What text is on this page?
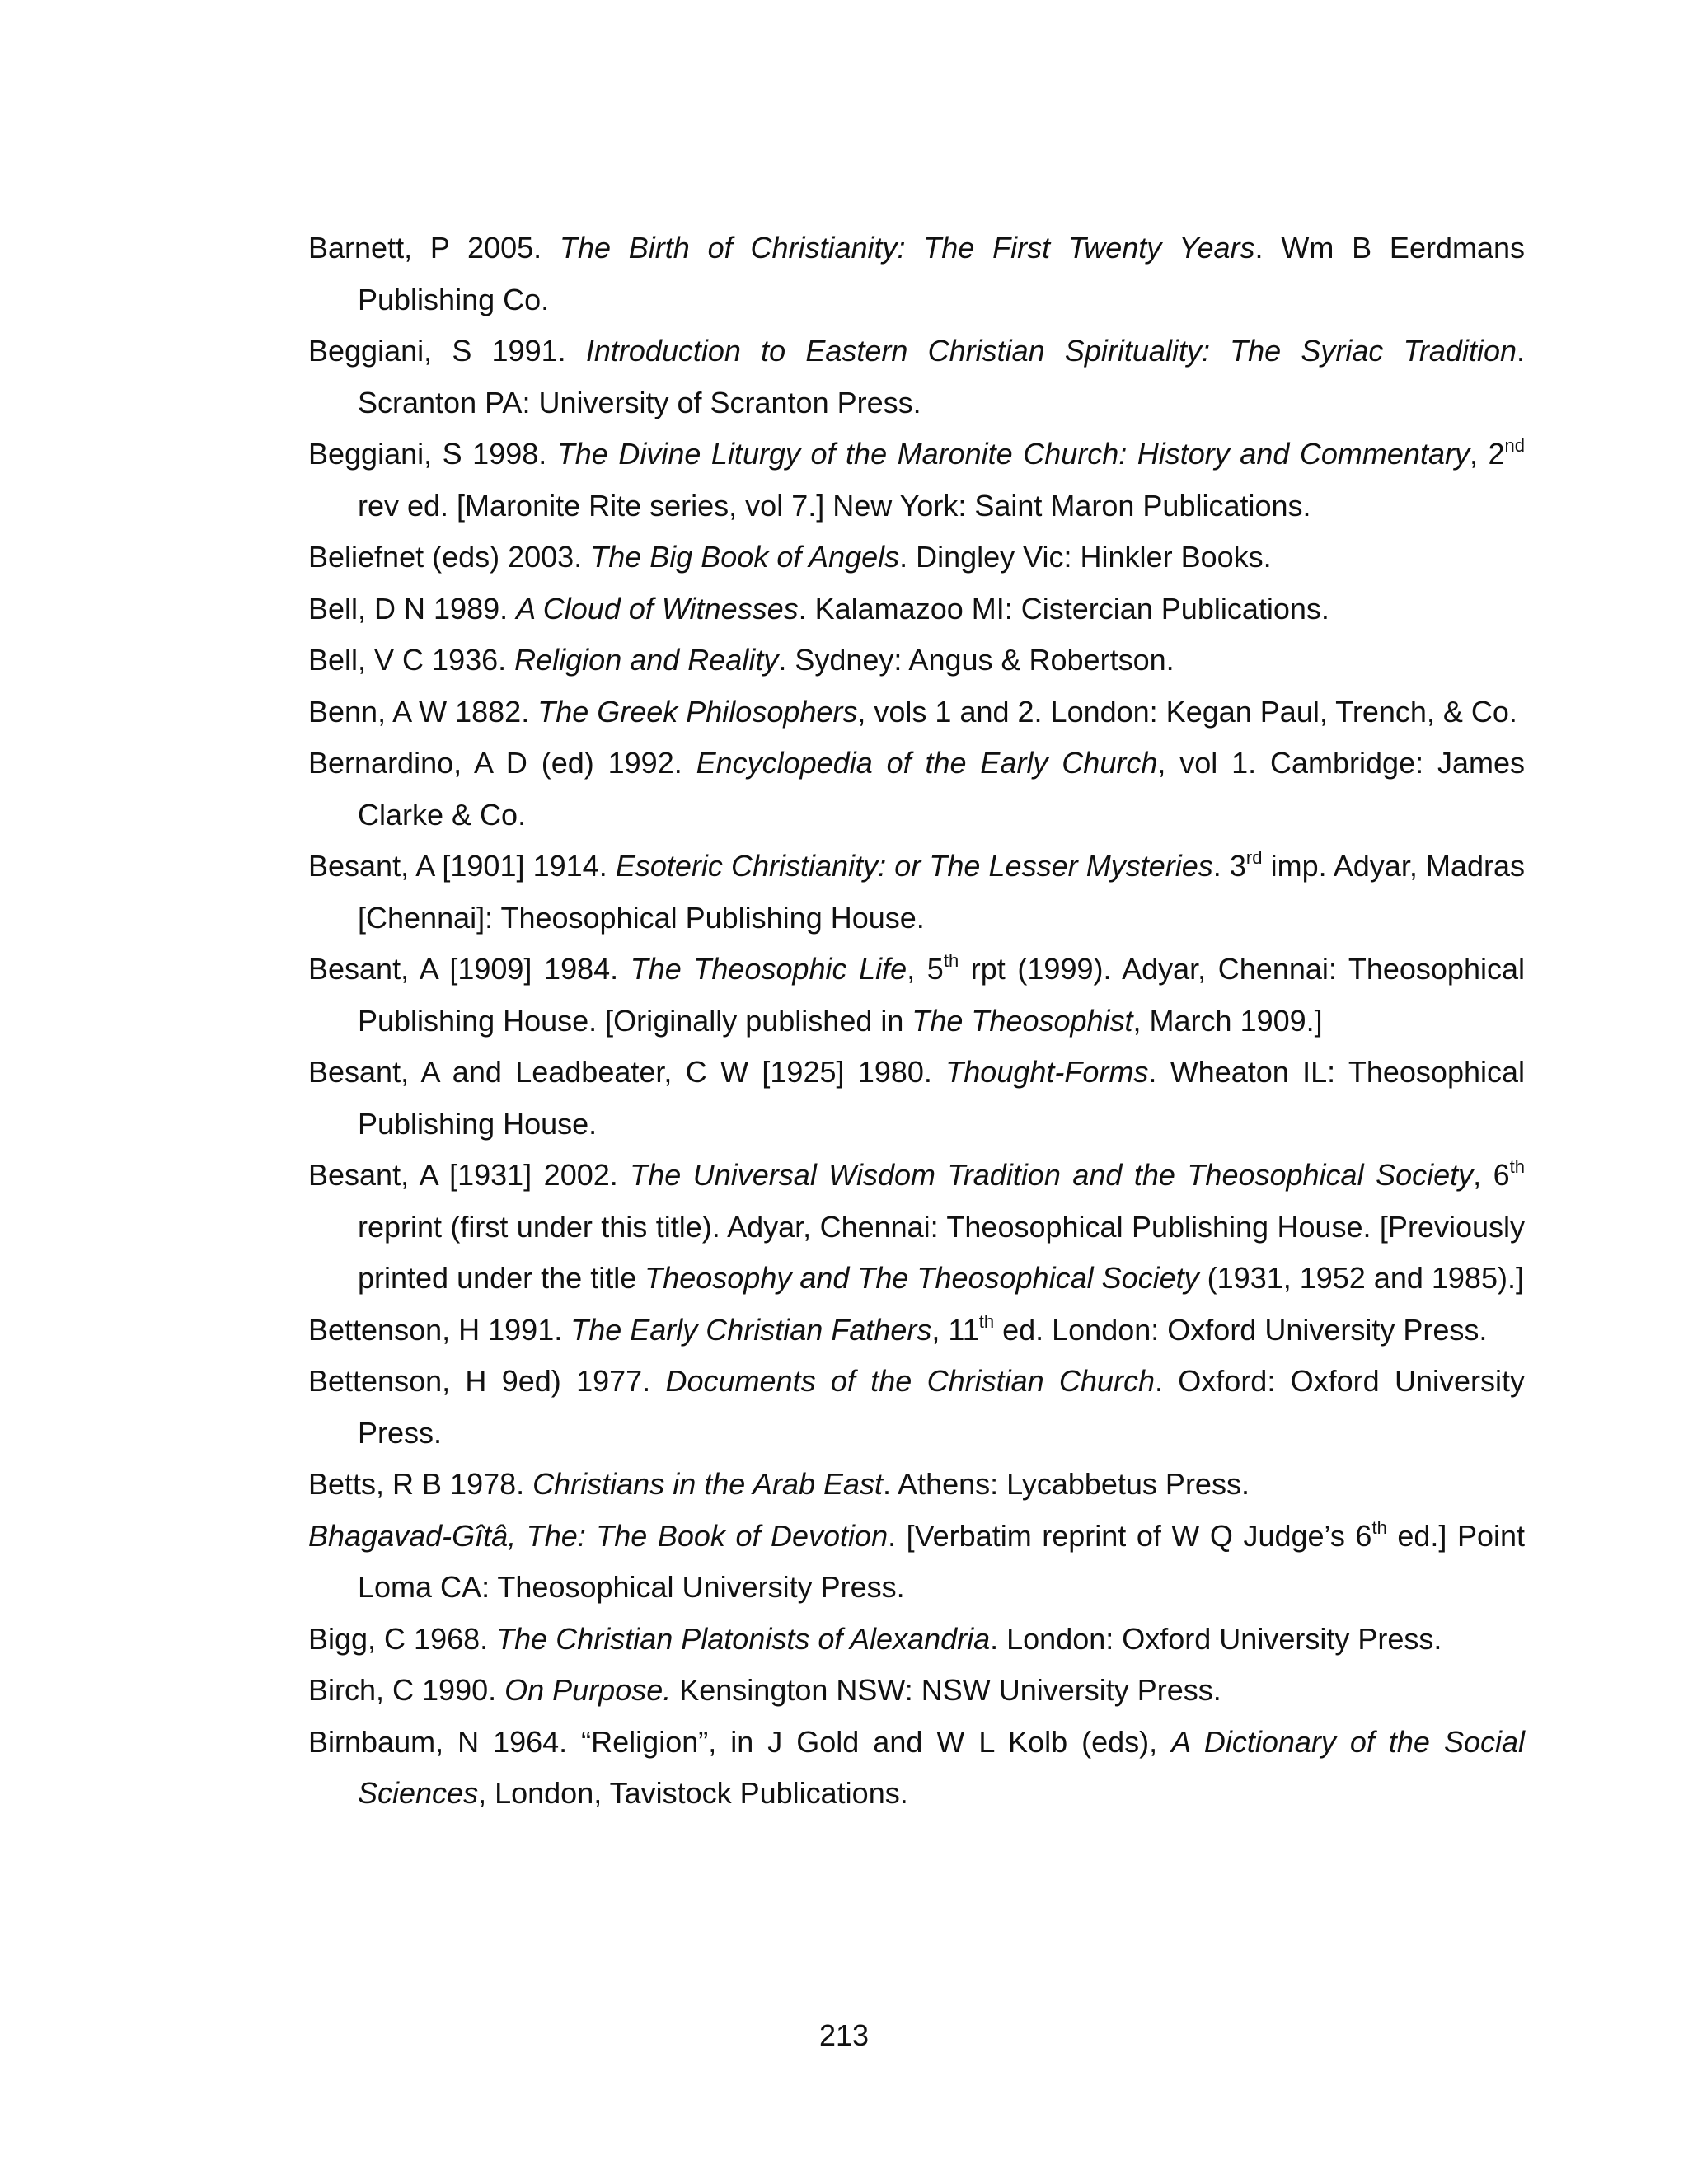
Barnett, P 2005. The Birth of Christianity: The First Twenty Years. Wm B Eerdmans Publishing Co.
Beggiani, S 1991. Introduction to Eastern Christian Spirituality: The Syriac Tradition. Scranton PA: University of Scranton Press.
Beggiani, S 1998. The Divine Liturgy of the Maronite Church: History and Commentary, 2nd rev ed. [Maronite Rite series, vol 7.] New York: Saint Maron Publications.
Beliefnet (eds) 2003. The Big Book of Angels. Dingley Vic: Hinkler Books.
Bell, D N 1989. A Cloud of Witnesses. Kalamazoo MI: Cistercian Publications.
Bell, V C 1936. Religion and Reality. Sydney: Angus & Robertson.
Benn, A W 1882. The Greek Philosophers, vols 1 and 2. London: Kegan Paul, Trench, & Co.
Bernardino, A D (ed) 1992. Encyclopedia of the Early Church, vol 1. Cambridge: James Clarke & Co.
Besant, A [1901] 1914. Esoteric Christianity: or The Lesser Mysteries. 3rd imp. Adyar, Madras [Chennai]: Theosophical Publishing House.
Besant, A [1909] 1984. The Theosophic Life, 5th rpt (1999). Adyar, Chennai: Theosophical Publishing House. [Originally published in The Theosophist, March 1909.]
Besant, A and Leadbeater, C W [1925] 1980. Thought-Forms. Wheaton IL: Theosophical Publishing House.
Besant, A [1931] 2002. The Universal Wisdom Tradition and the Theosophical Society, 6th reprint (first under this title). Adyar, Chennai: Theosophical Publishing House. [Previously printed under the title Theosophy and The Theosophical Society (1931, 1952 and 1985).]
Bettenson, H 1991. The Early Christian Fathers, 11th ed. London: Oxford University Press.
Bettenson, H 9ed) 1977. Documents of the Christian Church. Oxford: Oxford University Press.
Betts, R B 1978. Christians in the Arab East. Athens: Lycabbetus Press.
Bhagavad-Gîtâ, The: The Book of Devotion. [Verbatim reprint of W Q Judge’s 6th ed.] Point Loma CA: Theosophical University Press.
Bigg, C 1968. The Christian Platonists of Alexandria. London: Oxford University Press.
Birch, C 1990. On Purpose. Kensington NSW: NSW University Press.
Birnbaum, N 1964. “Religion”, in J Gold and W L Kolb (eds), A Dictionary of the Social Sciences, London, Tavistock Publications.
213
